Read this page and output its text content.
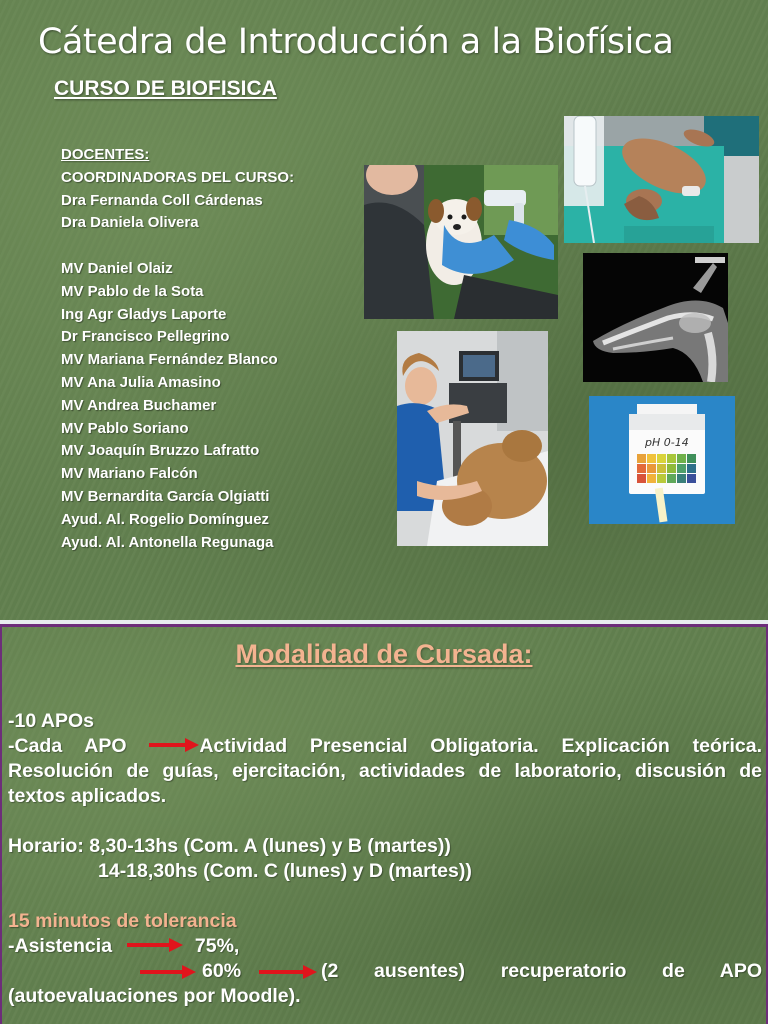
Cátedra de Introducción a la Biofísica
CURSO DE BIOFISICA
DOCENTES:
COORDINADORAS DEL CURSO:
Dra Fernanda Coll Cárdenas
Dra Daniela Olivera
MV Daniel Olaiz
MV Pablo de la Sota
Ing Agr Gladys Laporte
Dr Francisco Pellegrino
MV Mariana Fernández Blanco
MV Ana Julia Amasino
MV Andrea Buchamer
MV Pablo Soriano
MV Joaquín Bruzzo Lafratto
MV Mariano Falcón
MV Bernardita García Olgiatti
Ayud. Al. Rogelio Domínguez
Ayud. Al. Antonella Regunaga
pH 0-14
Modalidad de Cursada:
-10 APOs
-Cada APO	Actividad Presencial Obligatoria. Explicación teórica. Resolución de guías, ejercitación, actividades de laboratorio, discusión de textos aplicados.
Horario: 8,30-13hs (Com. A (lunes) y B (martes))
14-18,30hs (Com. C (lunes) y D (martes))
15 minutos de tolerancia
-Asistencia	75%,
60%	(2 ausentes) recuperatorio de APO
(autoevaluaciones por Moodle).
